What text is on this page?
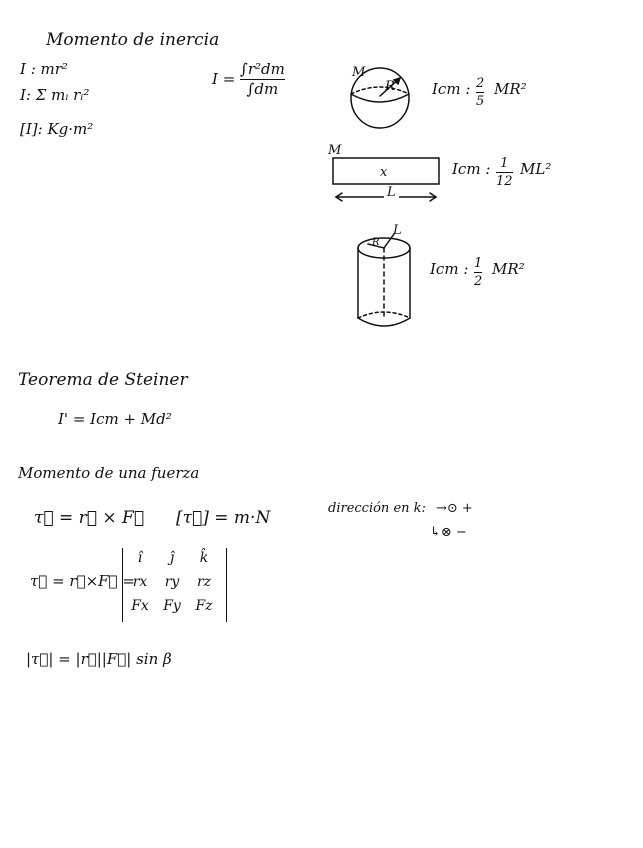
Momento de inercia
I : mr²
I: Σ mᵢ rᵢ²
[I]: Kg·m²
I =
∫r²dm
∫dm
M
R Icm : 2
5
MR²
M
x
L
Icm : 1
12
ML²
L
R
Icm : 1
2
MR²
Teorema de Steiner
I' = Icm + Md²
Momento de una fuerza
τ⃗ = r⃗ × F⃗ [τ⃗] = m·N	dirección en k: →⊙ +
↳⊗ −
τ⃗ = r⃗×F⃗ =
î	ĵ	k̂
rx	ry	rz
Fx Fy Fz
|τ⃗| = |r⃗||F⃗| sin β
